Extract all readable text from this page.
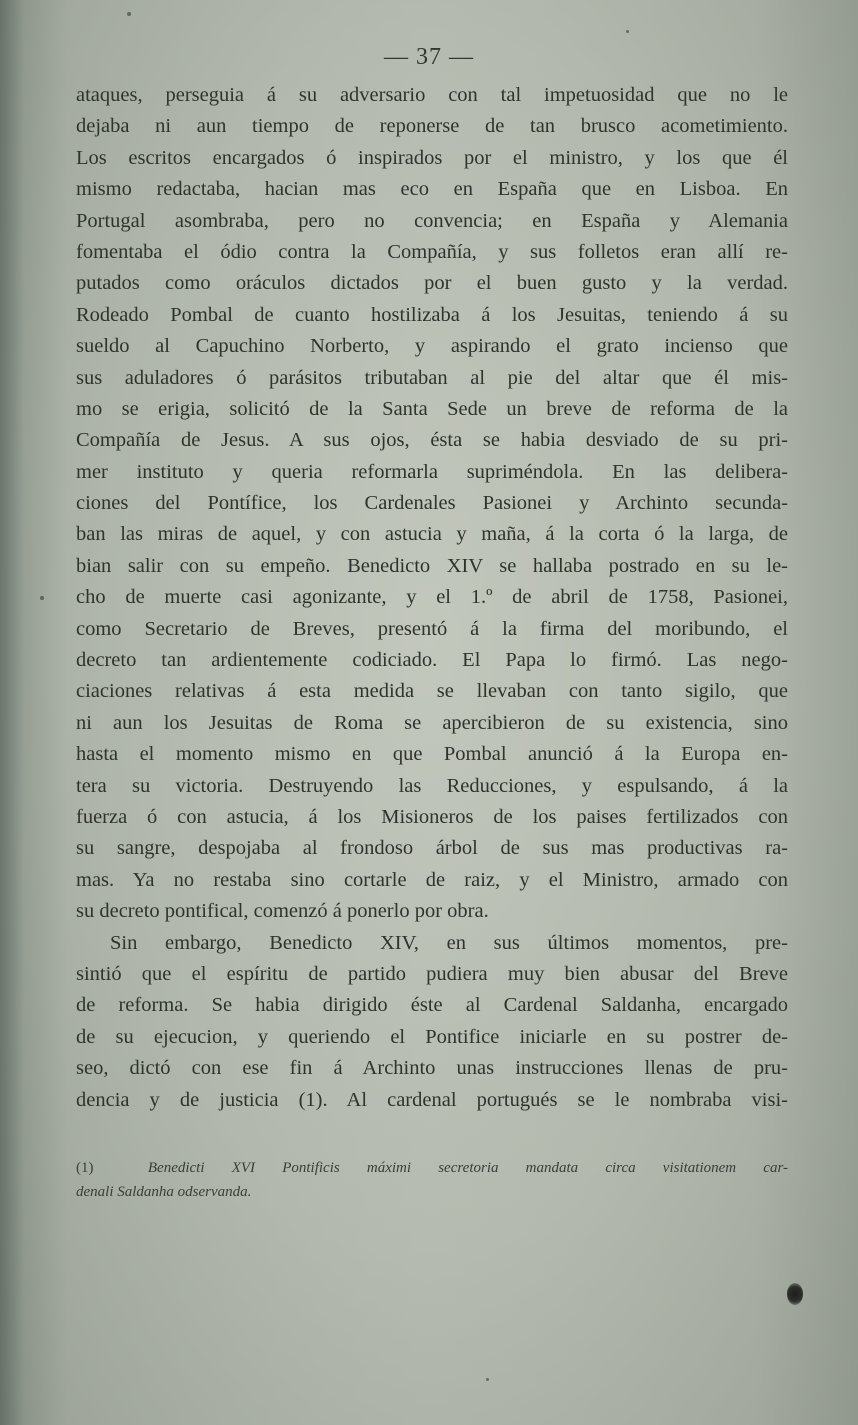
— 37 —
ataques, perseguia á su adversario con tal impetuosidad que no le
dejaba ni aun tiempo de reponerse de tan brusco acometimiento.
Los escritos encargados ó inspirados por el ministro, y los que él
mismo redactaba, hacian mas eco en España que en Lisboa. En
Portugal asombraba, pero no convencia; en España y Alemania
fomentaba el ódio contra la Compañía, y sus folletos eran allí re-
putados como oráculos dictados por el buen gusto y la verdad.
Rodeado Pombal de cuanto hostilizaba á los Jesuitas, teniendo á su
sueldo al Capuchino Norberto, y aspirando el grato incienso que
sus aduladores ó parásitos tributaban al pie del altar que él mis-
mo se erigia, solicitó de la Santa Sede un breve de reforma de la
Compañía de Jesus. A sus ojos, ésta se habia desviado de su pri-
mer instituto y queria reformarla supriméndola. En las delibera-
ciones del Pontífice, los Cardenales Pasionei y Archinto secunda-
ban las miras de aquel, y con astucia y maña, á la corta ó la larga, de
bian salir con su empeño. Benedicto XIV se hallaba postrado en su le-
cho de muerte casi agonizante, y el 1.º de abril de 1758, Pasionei,
como Secretario de Breves, presentó á la firma del moribundo, el
decreto tan ardientemente codiciado. El Papa lo firmó. Las nego-
ciaciones relativas á esta medida se llevaban con tanto sigilo, que
ni aun los Jesuitas de Roma se apercibieron de su existencia, sino
hasta el momento mismo en que Pombal anunció á la Europa en-
tera su victoria. Destruyendo las Reducciones, y espulsando, á la
fuerza ó con astucia, á los Misioneros de los paises fertilizados con
su sangre, despojaba al frondoso árbol de sus mas productivas ra-
mas. Ya no restaba sino cortarle de raiz, y el Ministro, armado con
su decreto pontifical, comenzó á ponerlo por obra.
Sin embargo, Benedicto XIV, en sus últimos momentos, pre-
sintió que el espíritu de partido pudiera muy bien abusar del Breve
de reforma. Se habia dirigido éste al Cardenal Saldanha, encargado
de su ejecucion, y queriendo el Pontifice iniciarle en su postrer de-
seo, dictó con ese fin á Archinto unas instrucciones llenas de pru-
dencia y de justicia (1). Al cardenal portugués se le nombraba visi-
(1)	Benedicti XVI Pontificis máximi secretoria mandata circa visitationem car-
denali Saldanha odservanda.
